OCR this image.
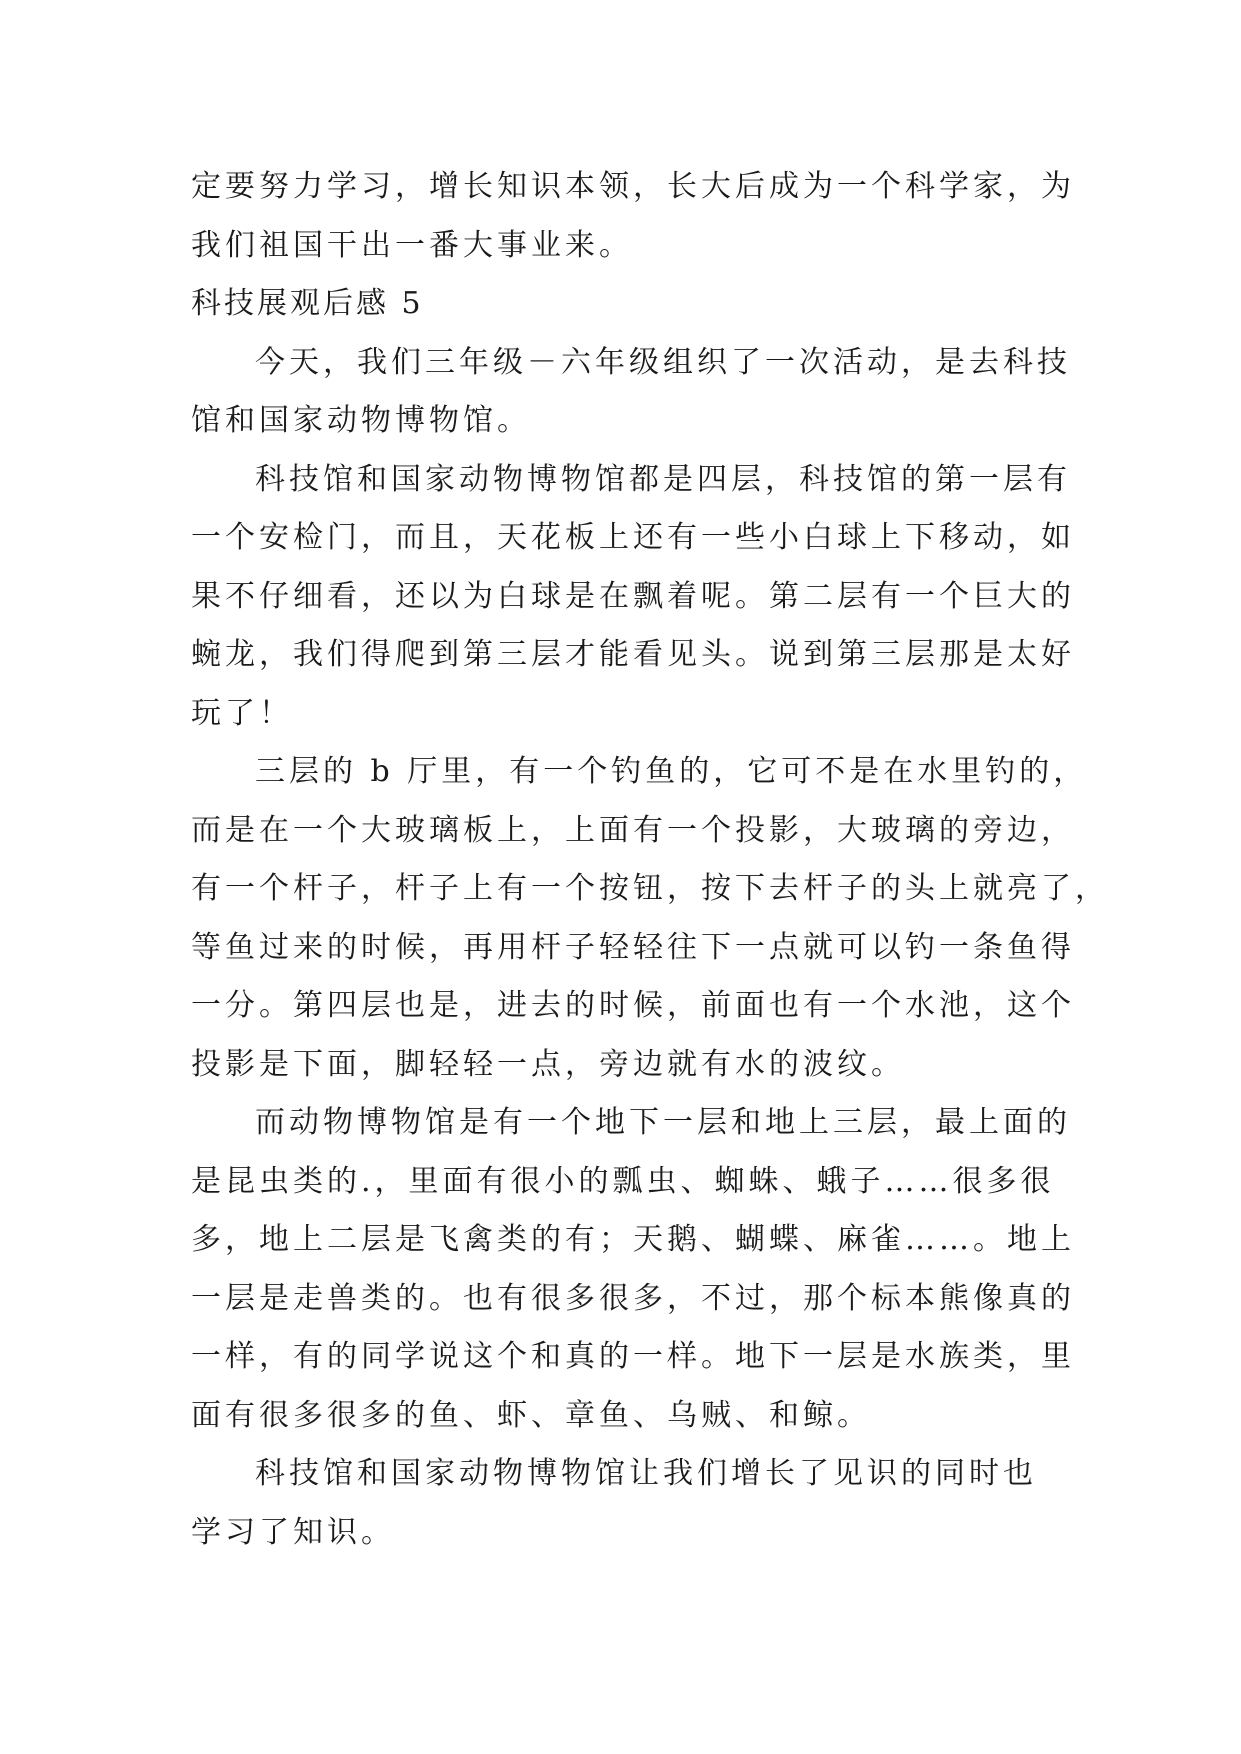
定要努力学习，增长知识本领，长大后成为一个科学家，为
我们祖国干出一番大事业来。
科技展观后感 5
今天，我们三年级－六年级组织了一次活动，是去科技
馆和国家动物博物馆。
科技馆和国家动物博物馆都是四层，科技馆的第一层有
一个安检门，而且，天花板上还有一些小白球上下移动，如
果不仔细看，还以为白球是在飘着呢。第二层有一个巨大的
蜿龙，我们得爬到第三层才能看见头。说到第三层那是太好
玩了！
三层的 b 厅里，有一个钓鱼的，它可不是在水里钓的，
而是在一个大玻璃板上，上面有一个投影，大玻璃的旁边，
有一个杆子，杆子上有一个按钮，按下去杆子的头上就亮了，
等鱼过来的时候，再用杆子轻轻往下一点就可以钓一条鱼得
一分。第四层也是，进去的时候，前面也有一个水池，这个
投影是下面，脚轻轻一点，旁边就有水的波纹。
而动物博物馆是有一个地下一层和地上三层，最上面的
是昆虫类的.，里面有很小的瓢虫、蜘蛛、蛾子……很多很
多，地上二层是飞禽类的有；天鹅、蝴蝶、麻雀……。地上
一层是走兽类的。也有很多很多，不过，那个标本熊像真的
一样，有的同学说这个和真的一样。地下一层是水族类，里
面有很多很多的鱼、虾、章鱼、乌贼、和鲸。
科技馆和国家动物博物馆让我们增长了见识的同时也
学习了知识。
